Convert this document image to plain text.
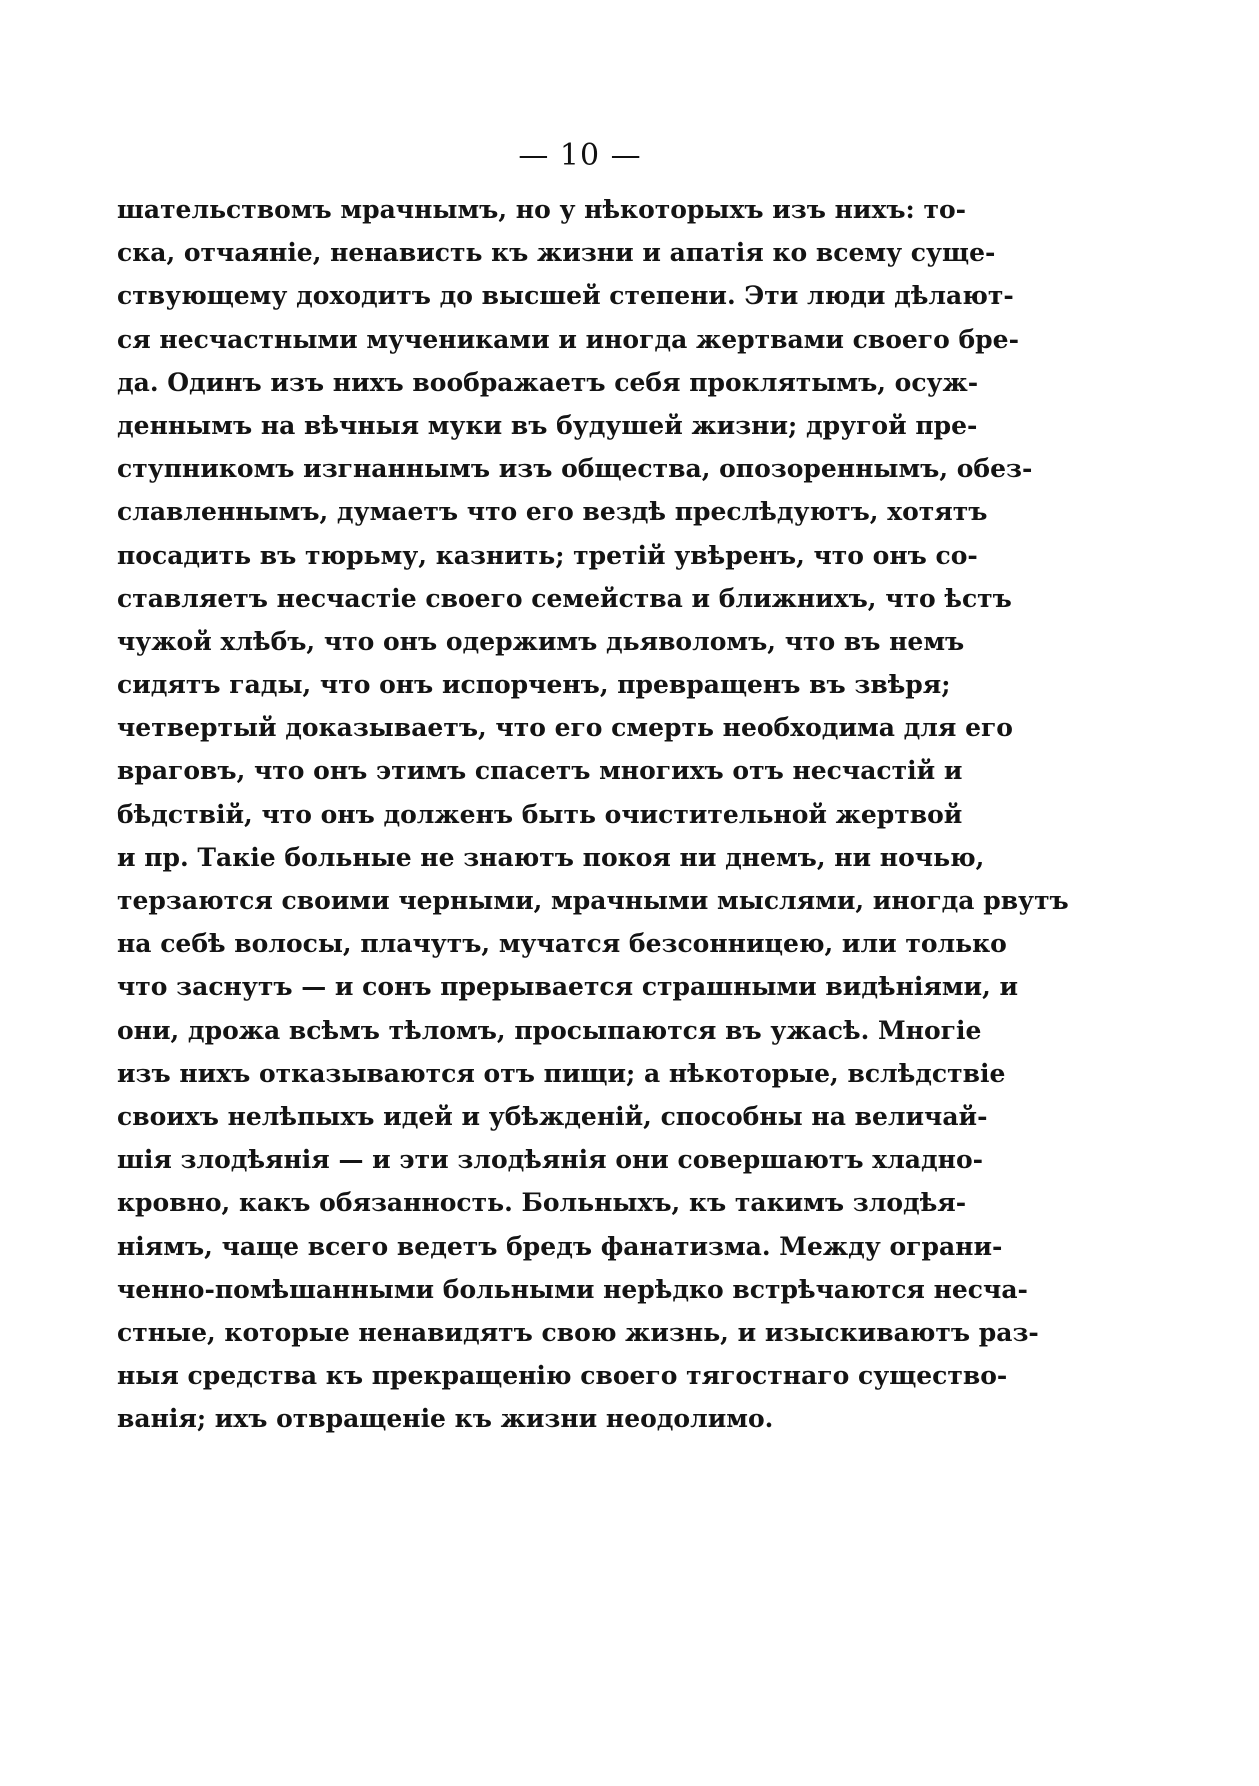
— 10 —
шательствомъ мрачнымъ, но у нѣкоторыхъ изъ нихъ: то-
ска, отчаяніе, ненависть къ жизни и апатія ко всему суще-
ствующему доходитъ до высшей степени. Эти люди дѣлают-
ся несчастными мучениками и иногда жертвами своего бре-
да. Одинъ изъ нихъ воображаетъ себя проклятымъ, осуж-
деннымъ на вѣчныя муки въ будушей жизни; другой пре-
ступникомъ изгнаннымъ изъ общества, опозореннымъ, обез-
славленнымъ, думаетъ что его вездѣ преслѣдуютъ, хотятъ
посадить въ тюрьму, казнить; третій увѣренъ, что онъ со-
ставляетъ несчастіе своего семейства и ближнихъ, что ѣстъ
чужой хлѣбъ, что онъ одержимъ дьяволомъ, что въ немъ
сидятъ гады, что онъ испорченъ, превращенъ въ звѣря;
четвертый доказываетъ, что его смерть необходима для его
враговъ, что онъ этимъ спасетъ многихъ отъ несчастій и
бѣдствій, что онъ долженъ быть очистительной жертвой
и пр. Такіе больные не знаютъ покоя ни днемъ, ни ночью,
терзаются своими черными, мрачными мыслями, иногда рвутъ
на себѣ волосы, плачутъ, мучатся безсонницею, или только
что заснутъ — и сонъ прерывается страшными видѣніями, и
они, дрожа всѣмъ тѣломъ, просыпаются въ ужасѣ. Многіе
изъ нихъ отказываются отъ пищи; а нѣкоторые, вслѣдствіе
своихъ нелѣпыхъ идей и убѣжденій, способны на величай-
шія злодѣянія — и эти злодѣянія они совершаютъ хладно-
кровно, какъ обязанность. Больныхъ, къ такимъ злодѣя-
ніямъ, чаще всего ведетъ бредъ фанатизма. Между ограни-
ченно-помѣшанными больными нерѣдко встрѣчаются несча-
стные, которые ненавидятъ свою жизнь, и изыскиваютъ раз-
ныя средства къ прекращенію своего тягостнаго существо-
ванія; ихъ отвращеніе къ жизни неодолимо.
